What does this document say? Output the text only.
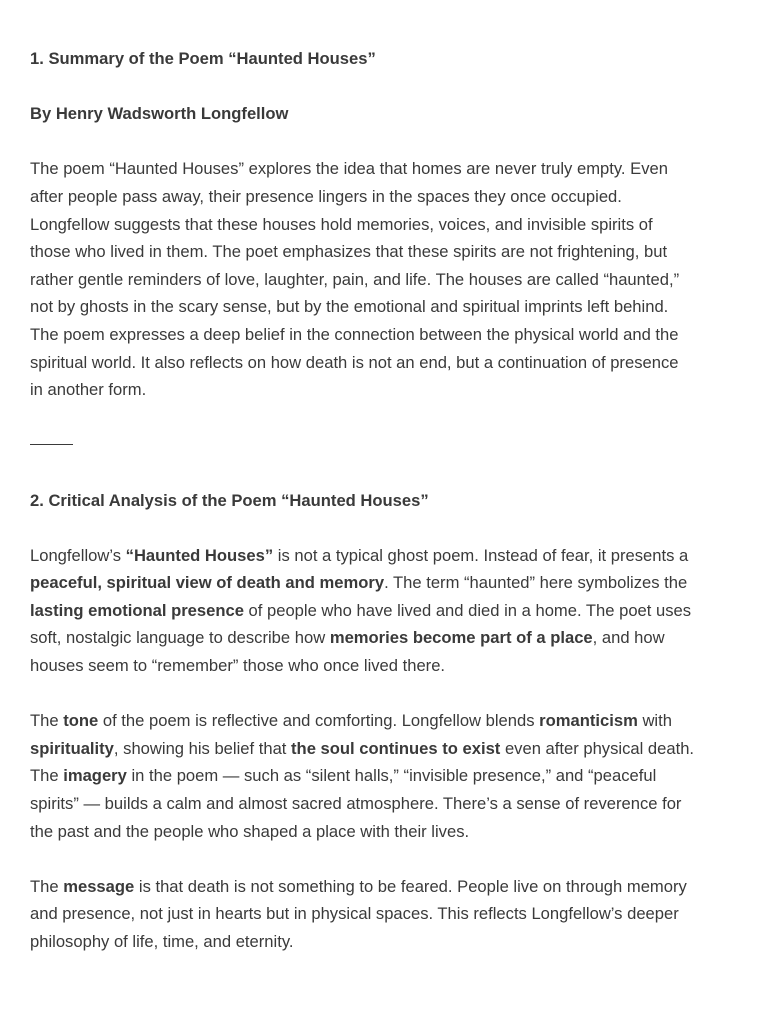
1. Summary of the Poem “Haunted Houses”
By Henry Wadsworth Longfellow
The poem “Haunted Houses” explores the idea that homes are never truly empty. Even
after people pass away, their presence lingers in the spaces they once occupied.
Longfellow suggests that these houses hold memories, voices, and invisible spirits of
those who lived in them. The poet emphasizes that these spirits are not frightening, but
rather gentle reminders of love, laughter, pain, and life. The houses are called “haunted,”
not by ghosts in the scary sense, but by the emotional and spiritual imprints left behind.
The poem expresses a deep belief in the connection between the physical world and the
spiritual world. It also reflects on how death is not an end, but a continuation of presence
in another form.
2. Critical Analysis of the Poem “Haunted Houses”
Longfellow’s “Haunted Houses” is not a typical ghost poem. Instead of fear, it presents a
peaceful, spiritual view of death and memory. The term “haunted” here symbolizes the
lasting emotional presence of people who have lived and died in a home. The poet uses
soft, nostalgic language to describe how memories become part of a place, and how
houses seem to “remember” those who once lived there.
The tone of the poem is reflective and comforting. Longfellow blends romanticism with
spirituality, showing his belief that the soul continues to exist even after physical death.
The imagery in the poem — such as “silent halls,” “invisible presence,” and “peaceful
spirits” — builds a calm and almost sacred atmosphere. There’s a sense of reverence for
the past and the people who shaped a place with their lives.
The message is that death is not something to be feared. People live on through memory
and presence, not just in hearts but in physical spaces. This reflects Longfellow’s deeper
philosophy of life, time, and eternity.
